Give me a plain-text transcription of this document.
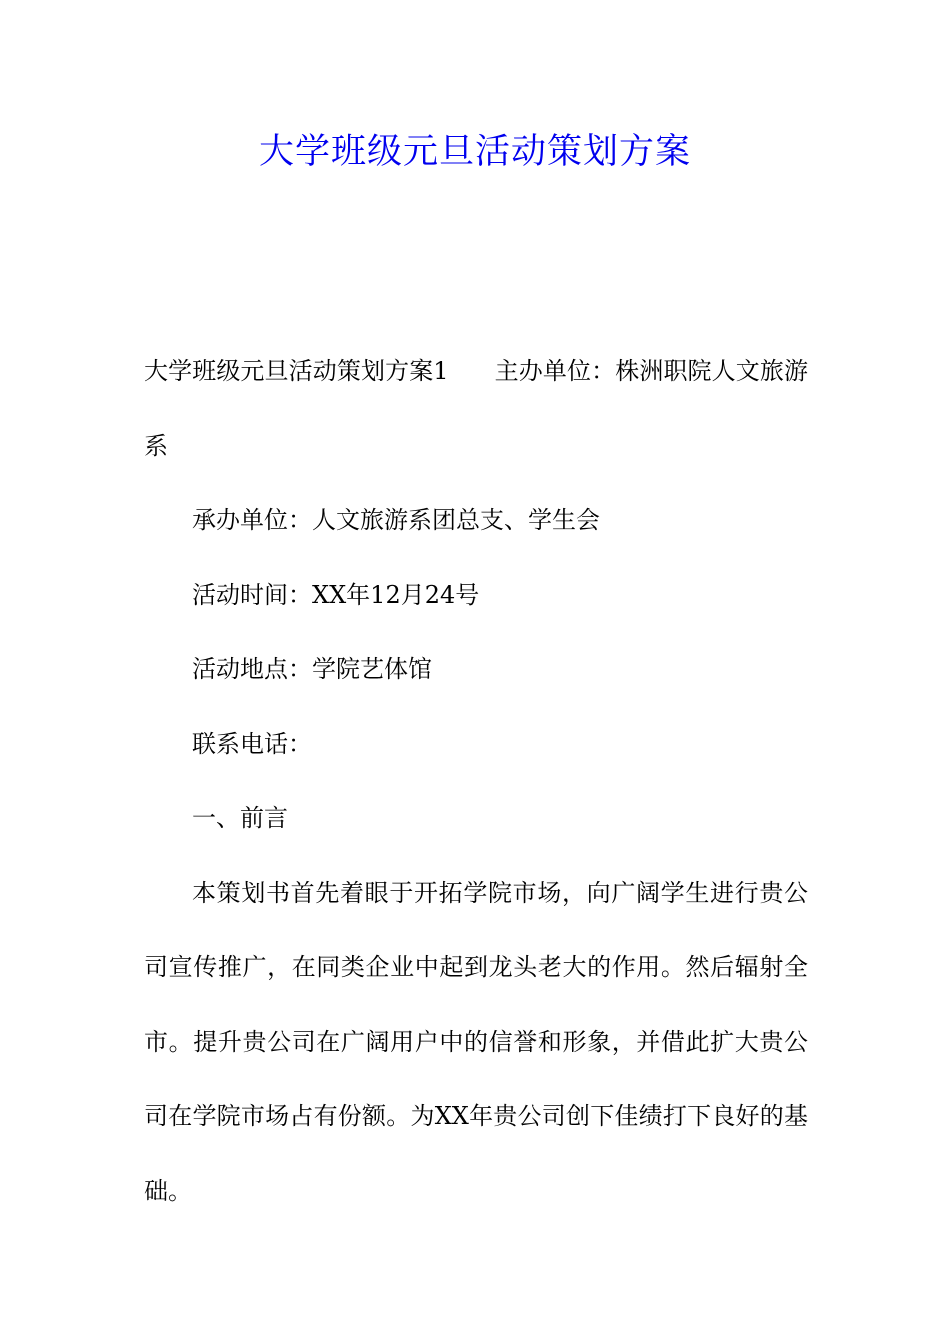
大学班级元旦活动策划方案

大学班级元旦活动策划方案1 主办单位：株洲职院人文旅游系

承办单位：人文旅游系团总支、学生会

活动时间：XX年12月24号

活动地点：学院艺体馆

联系电话：

一、前言

本策划书首先着眼于开拓学院市场，向广阔学生进行贵公司宣传推广，在同类企业中起到龙头老大的作用。然后辐射全市。提升贵公司在广阔用户中的信誉和形象，并借此扩大贵公司在学院市场占有份额。为XX年贵公司创下佳绩打下良好的基础。
